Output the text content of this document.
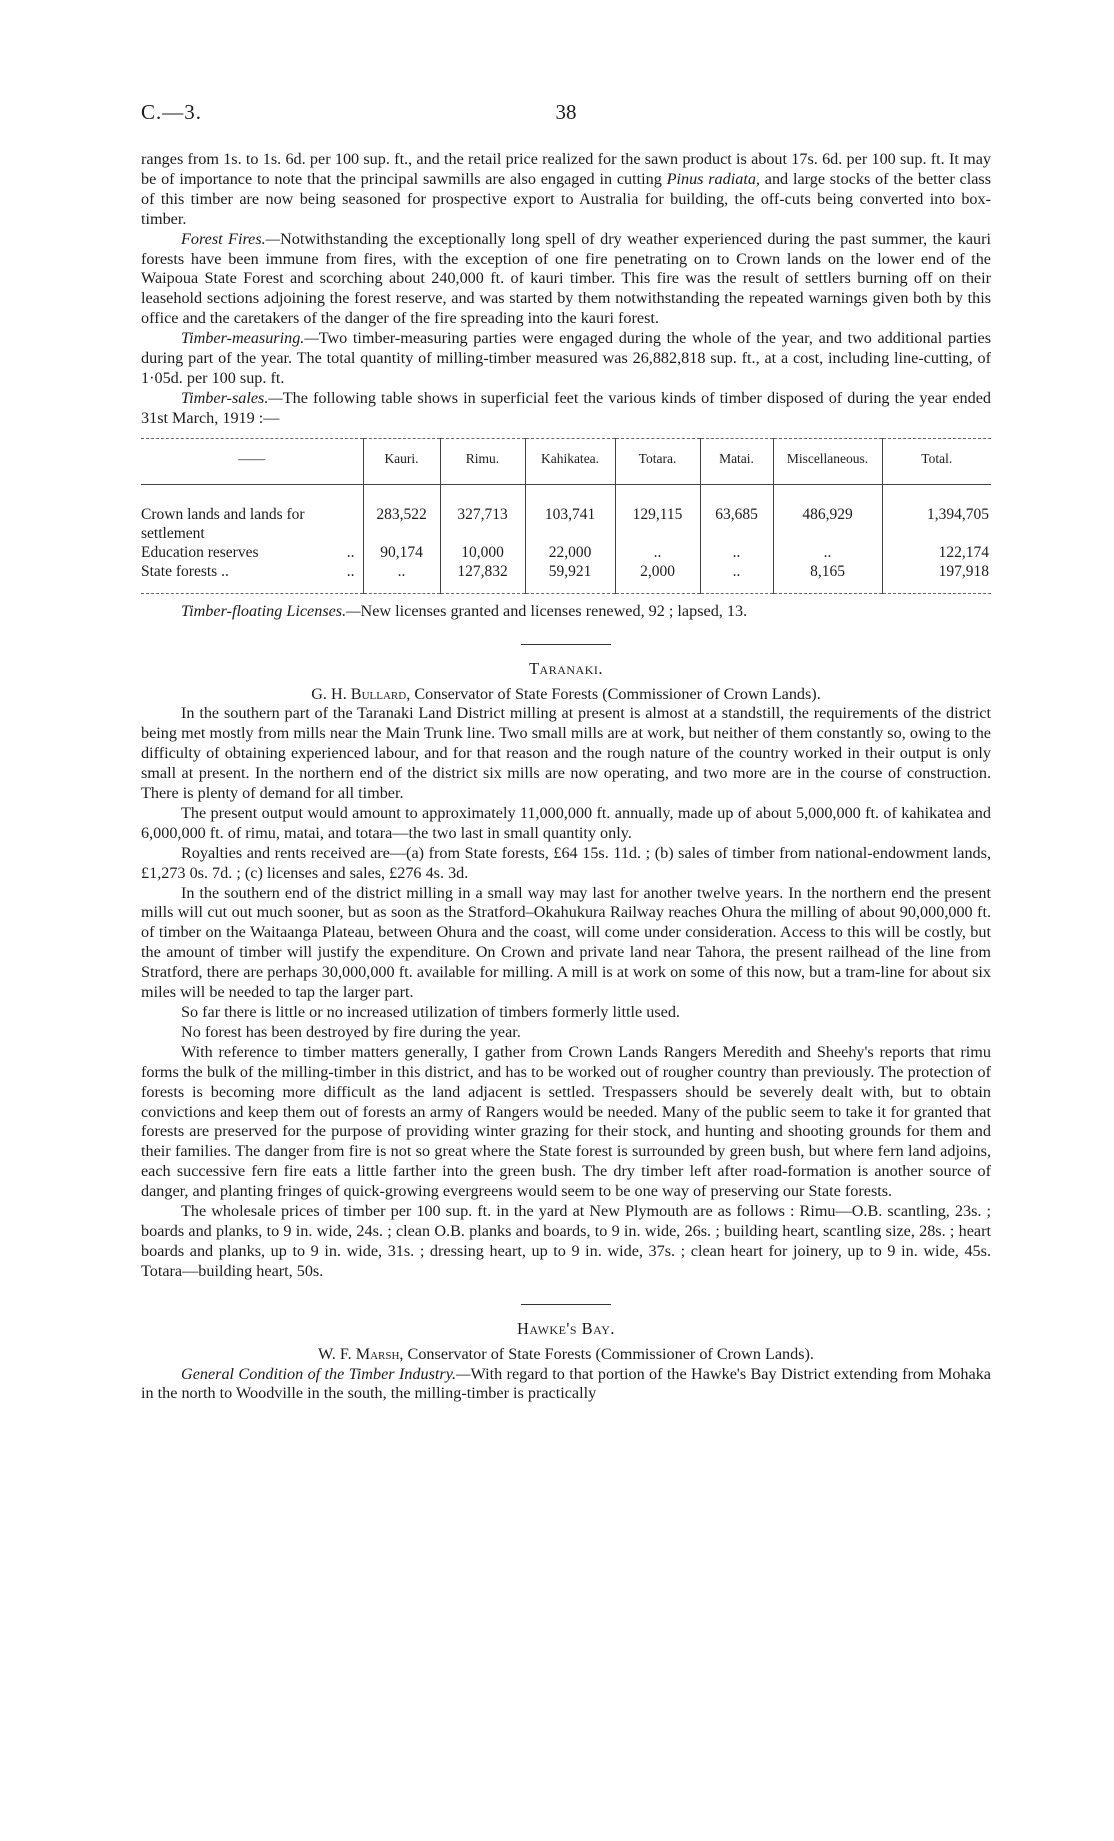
C.—3.	38

ranges from 1s. to 1s. 6d. per 100 sup. ft., and the retail price realized for the sawn product is about 17s. 6d. per 100 sup. ft. It may be of importance to note that the principal sawmills are also engaged in cutting Pinus radiata, and large stocks of the better class of this timber are now being seasoned for prospective export to Australia for building, the off-cuts being converted into box-timber.

Forest Fires.—Notwithstanding the exceptionally long spell of dry weather experienced during the past summer, the kauri forests have been immune from fires, with the exception of one fire penetrating on to Crown lands on the lower end of the Waipoua State Forest and scorching about 240,000 ft. of kauri timber. This fire was the result of settlers burning off on their leasehold sections adjoining the forest reserve, and was started by them notwithstanding the repeated warnings given both by this office and the caretakers of the danger of the fire spreading into the kauri forest.

Timber-measuring.—Two timber-measuring parties were engaged during the whole of the year, and two additional parties during part of the year. The total quantity of milling-timber measured was 26,882,818 sup. ft., at a cost, including line-cutting, of 1·05d. per 100 sup. ft.

Timber-sales.—The following table shows in superficial feet the various kinds of timber disposed of during the year ended 31st March, 1919 :—

——	Kauri.	Rimu.	Kahikatea.	Totara.	Matai.	Miscellaneous.	Total.
Crown lands and lands for settlement	283,522	327,713	103,741	129,115	63,685	486,929	1,394,705
Education reserves ..	90,174	10,000	22,000	..	..	..	122,174
State forests .. ..	..	127,832	59,921	2,000	..	8,165	197,918

Timber-floating Licenses.—New licenses granted and licenses renewed, 92 ; lapsed, 13.

Taranaki.

G. H. Bullard, Conservator of State Forests (Commissioner of Crown Lands).

In the southern part of the Taranaki Land District milling at present is almost at a standstill, the requirements of the district being met mostly from mills near the Main Trunk line. Two small mills are at work, but neither of them constantly so, owing to the difficulty of obtaining experienced labour, and for that reason and the rough nature of the country worked in their output is only small at present. In the northern end of the district six mills are now operating, and two more are in the course of construction. There is plenty of demand for all timber.

The present output would amount to approximately 11,000,000 ft. annually, made up of about 5,000,000 ft. of kahikatea and 6,000,000 ft. of rimu, matai, and totara—the two last in small quantity only.

Royalties and rents received are—(a) from State forests, £64 15s. 11d. ; (b) sales of timber from national-endowment lands, £1,273 0s. 7d. ; (c) licenses and sales, £276 4s. 3d.

In the southern end of the district milling in a small way may last for another twelve years. In the northern end the present mills will cut out much sooner, but as soon as the Stratford–Okahukura Railway reaches Ohura the milling of about 90,000,000 ft. of timber on the Waitaanga Plateau, between Ohura and the coast, will come under consideration. Access to this will be costly, but the amount of timber will justify the expenditure. On Crown and private land near Tahora, the present railhead of the line from Stratford, there are perhaps 30,000,000 ft. available for milling. A mill is at work on some of this now, but a tram-line for about six miles will be needed to tap the larger part.

So far there is little or no increased utilization of timbers formerly little used.

No forest has been destroyed by fire during the year.

With reference to timber matters generally, I gather from Crown Lands Rangers Meredith and Sheehy's reports that rimu forms the bulk of the milling-timber in this district, and has to be worked out of rougher country than previously. The protection of forests is becoming more difficult as the land adjacent is settled. Trespassers should be severely dealt with, but to obtain convictions and keep them out of forests an army of Rangers would be needed. Many of the public seem to take it for granted that forests are preserved for the purpose of providing winter grazing for their stock, and hunting and shooting grounds for them and their families. The danger from fire is not so great where the State forest is surrounded by green bush, but where fern land adjoins, each successive fern fire eats a little farther into the green bush. The dry timber left after road-formation is another source of danger, and planting fringes of quick-growing evergreens would seem to be one way of preserving our State forests.

The wholesale prices of timber per 100 sup. ft. in the yard at New Plymouth are as follows : Rimu—O.B. scantling, 23s. ; boards and planks, to 9 in. wide, 24s. ; clean O.B. planks and boards, to 9 in. wide, 26s. ; building heart, scantling size, 28s. ; heart boards and planks, up to 9 in. wide, 31s. ; dressing heart, up to 9 in. wide, 37s. ; clean heart for joinery, up to 9 in. wide, 45s. Totara—building heart, 50s.

Hawke's Bay.

W. F. Marsh, Conservator of State Forests (Commissioner of Crown Lands).

General Condition of the Timber Industry.—With regard to that portion of the Hawke's Bay District extending from Mohaka in the north to Woodville in the south, the milling-timber is practically
